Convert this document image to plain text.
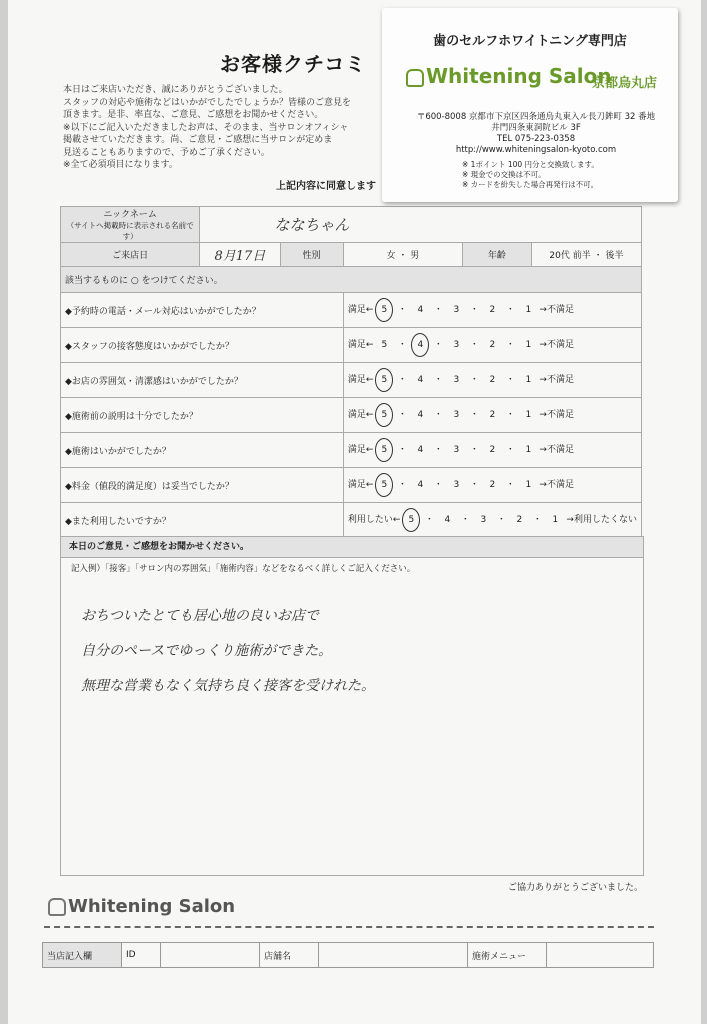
お客様クチコミ
本日はご来店いただき、誠にありがとうございました。
スタッフの対応や施術などはいかがでしたでしょうか？皆様のご意見を
頂きます。是非、率直な、ご意見、ご感想をお聞かせください。
※以下にご記入いただきましたお声は、そのまま、当サロンオフィシャ
掲載させていただきます。尚、ご意見・ご感想に当サロンが定めま
見送ることもありますので、予めご了承ください。
※全て必須項目になります。
上記内容に同意します
ニックネーム
（サイトへ掲載時に表示される名前です）	ななちゃん				
ご来店日	8月17日	性別	女 ・ 男	年齢	20代 前半 ・ 後半
該当するものに ○ をつけてください。					
◆予約時の電話・メール対応はいかがでしたか？			満足← 5 ・ 4 ・ 3 ・ 2 ・ 1 →不満足		
◆スタッフの接客態度はいかがでしたか？			満足← 5 ・ 4 ・ 3 ・ 2 ・ 1 →不満足		
◆お店の雰囲気・清潔感はいかがでしたか？			満足← 5 ・ 4 ・ 3 ・ 2 ・ 1 →不満足		
◆施術前の説明は十分でしたか？			満足← 5 ・ 4 ・ 3 ・ 2 ・ 1 →不満足		
◆施術はいかがでしたか？			満足← 5 ・ 4 ・ 3 ・ 2 ・ 1 →不満足		
◆料金（値段的満足度）は妥当でしたか？			満足← 5 ・ 4 ・ 3 ・ 2 ・ 1 →不満足		
◆また利用したいですか？			利用したい← 5 ・ 4 ・ 3 ・ 2 ・ 1 →利用したくない		
歯のセルフホワイトニング専門店
Whitening Salon
京都烏丸店
〒600-8008 京都市下京区四条通烏丸東入ル長刀鉾町 32 番地
井門四条東洞院ビル 3F
TEL 075-223-0358
http://www.whiteningsalon-kyoto.com
※ 1ポイント 100 円分と交換致します。
※ 現金での交換は不可。
※ カードを紛失した場合再発行は不可。
本日のご意見・ご感想をお聞かせください。
記入例）「接客」「サロン内の雰囲気」「施術内容」などをなるべく詳しくご記入ください。
おちついたとても居心地の良いお店で
自分のペースでゆっくり施術ができた。
無理な営業もなく気持ち良く接客を受けれた。
ご協力ありがとうございました。
Whitening Salon
当店記入欄	ID		店舗名		施術メニュー	
